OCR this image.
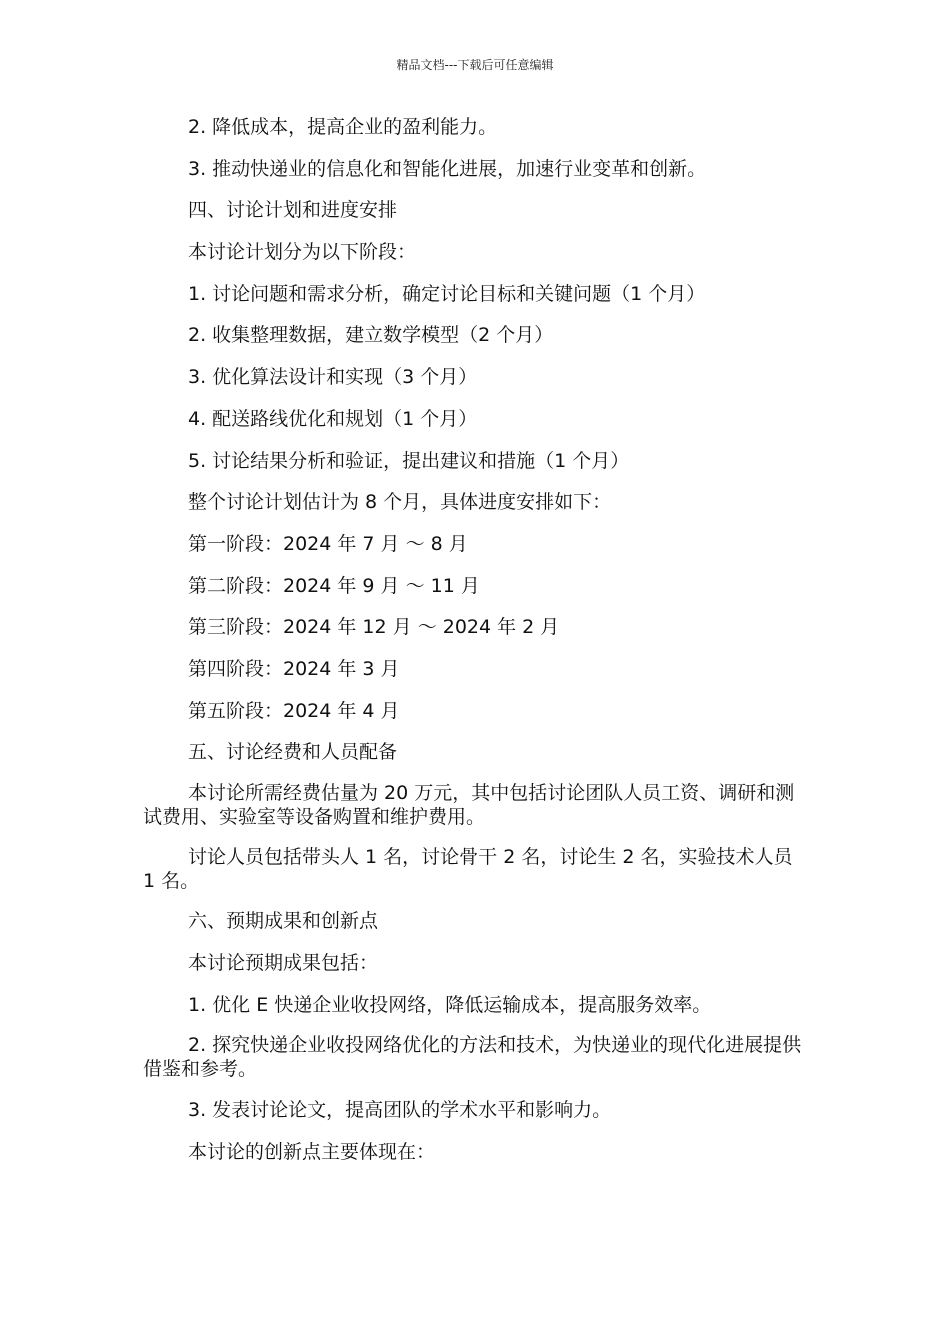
精品文档---下载后可任意编辑
2. 降低成本，提高企业的盈利能力。
3. 推动快递业的信息化和智能化进展，加速行业变革和创新。
四、讨论计划和进度安排
本讨论计划分为以下阶段：
1. 讨论问题和需求分析，确定讨论目标和关键问题（1 个月）
2. 收集整理数据，建立数学模型（2 个月）
3. 优化算法设计和实现（3 个月）
4. 配送路线优化和规划（1 个月）
5. 讨论结果分析和验证，提出建议和措施（1 个月）
整个讨论计划估计为 8 个月，具体进度安排如下：
第一阶段：2024 年 7 月 ～ 8 月
第二阶段：2024 年 9 月 ～ 11 月
第三阶段：2024 年 12 月 ～ 2024 年 2 月
第四阶段：2024 年 3 月
第五阶段：2024 年 4 月
五、讨论经费和人员配备
本讨论所需经费估量为 20 万元，其中包括讨论团队人员工资、调研和测试费用、实验室等设备购置和维护费用。
讨论人员包括带头人 1 名，讨论骨干 2 名，讨论生 2 名，实验技术人员 1 名。
六、预期成果和创新点
本讨论预期成果包括：
1. 优化 E 快递企业收投网络，降低运输成本，提高服务效率。
2. 探究快递企业收投网络优化的方法和技术，为快递业的现代化进展提供借鉴和参考。
3. 发表讨论论文，提高团队的学术水平和影响力。
本讨论的创新点主要体现在：
